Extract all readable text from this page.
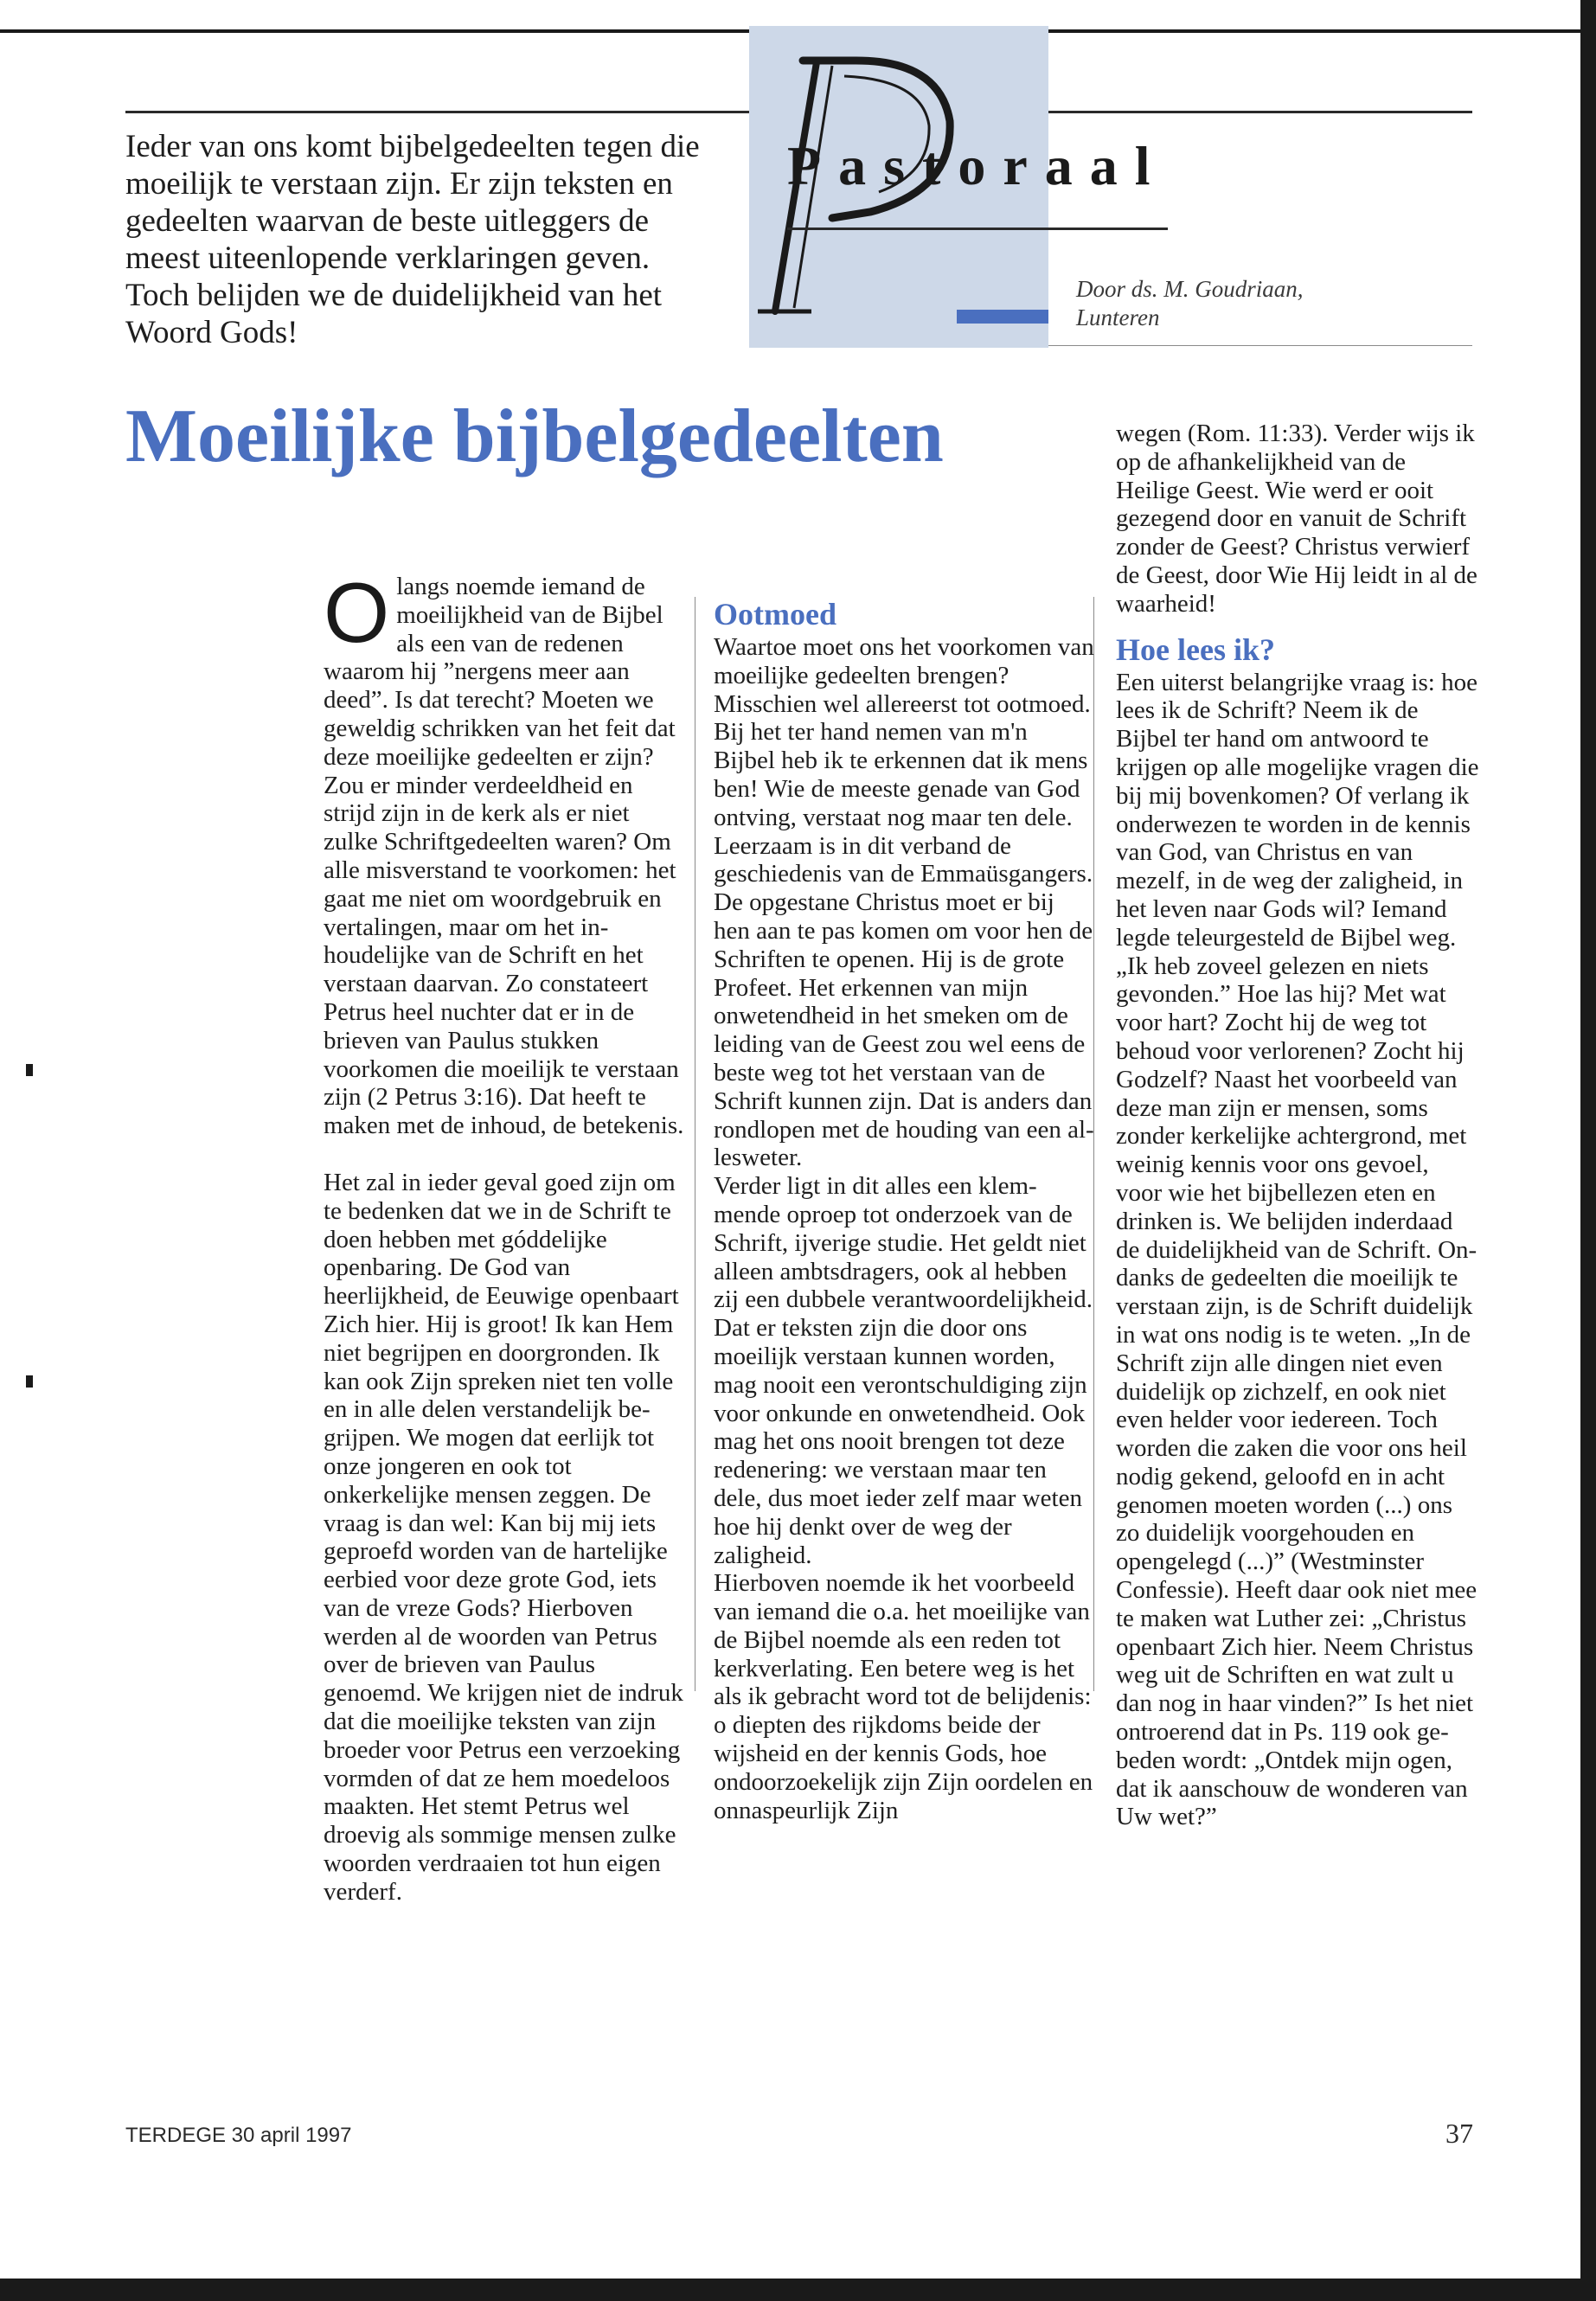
Ieder van ons komt bijbelgedeelten tegen die moeilijk te verstaan zijn. Er zijn teksten en gedeelten waarvan de beste uitleggers de meest uiteenlopende verklaringen geven. Toch belijden we de duidelijkheid van het Woord Gods!

Pastoraal

Door ds. M. Goudriaan,
Lunteren

Moeilijke bijbelgedeelten

Olangs noemde iemand de moeilijkheid van de Bijbel als een van de redenen waarom hij ”nergens meer aan deed”. Is dat terecht? Moeten we geweldig schrikken van het feit dat deze moeilijke gedeelten er zijn? Zou er minder verdeeldheid en strijd zijn in de kerk als er niet zulke Schriftgedeelten waren? Om alle misverstand te voorkomen: het gaat me niet om woordgebruik en vertalingen, maar om het inhoudelijke van de Schrift en het verstaan daarvan. Zo constateert Petrus heel nuchter dat er in de brieven van Paulus stukken voorkomen die moeilijk te verstaan zijn (2 Petrus 3:16). Dat heeft te maken met de inhoud, de betekenis.

Het zal in ieder geval goed zijn om te bedenken dat we in de Schrift te doen hebben met góddelijke openbaring. De God van heerlijkheid, de Eeuwige openbaart Zich hier. Hij is groot! Ik kan Hem niet begrijpen en doorgronden. Ik kan ook Zijn spreken niet ten volle en in alle delen verstandelijk begrijpen. We mogen dat eerlijk tot onze jongeren en ook tot onkerkelijke mensen zeggen. De vraag is dan wel: Kan bij mij iets geproefd worden van de hartelijke eerbied voor deze grote God, iets van de vreze Gods? Hierboven werden al de woorden van Petrus over de brieven van Paulus genoemd. We krijgen niet de indruk dat die moeilijke teksten van zijn broeder voor Petrus een verzoeking vormden of dat ze hem moedeloos maakten. Het stemt Petrus wel droevig als sommige mensen zulke woorden verdraaien tot hun eigen verderf.

Ootmoed

Waartoe moet ons het voorkomen van moeilijke gedeelten brengen? Misschien wel allereerst tot ootmoed. Bij het ter hand nemen van m'n Bijbel heb ik te erkennen dat ik mens ben! Wie de meeste genade van God ontving, verstaat nog maar ten dele.

Leerzaam is in dit verband de geschiedenis van de Emmaüsgangers. De opgestane Christus moet er bij hen aan te pas komen om voor hen de Schriften te openen. Hij is de grote Profeet. Het erkennen van mijn onwetendheid in het smeken om de leiding van de Geest zou wel eens de beste weg tot het verstaan van de Schrift kunnen zijn. Dat is anders dan rondlopen met de houding van een allesweter.

Verder ligt in dit alles een klemmende oproep tot onderzoek van de Schrift, ijverige studie. Het geldt niet alleen ambtsdragers, ook al hebben zij een dubbele verantwoordelijkheid. Dat er teksten zijn die door ons moeilijk verstaan kunnen worden, mag nooit een verontschuldiging zijn voor onkunde en onwetendheid. Ook mag het ons nooit brengen tot deze redenering: we verstaan maar ten dele, dus moet ieder zelf maar weten hoe hij denkt over de weg der zaligheid.

Hierboven noemde ik het voorbeeld van iemand die o.a. het moeilijke van de Bijbel noemde als een reden tot kerkverlating. Een betere weg is het als ik gebracht word tot de belijdenis: o diepten des rijkdoms beide der wijsheid en der kennis Gods, hoe ondoorzoekelijk zijn Zijn oordelen en onnaspeurlijk Zijn

wegen (Rom. 11:33). Verder wijs ik op de afhankelijkheid van de Heilige Geest. Wie werd er ooit gezegend door en vanuit de Schrift zonder de Geest? Christus verwierf de Geest, door Wie Hij leidt in al de waarheid!

Hoe lees ik?

Een uiterst belangrijke vraag is: hoe lees ik de Schrift? Neem ik de Bijbel ter hand om antwoord te krijgen op alle mogelijke vragen die bij mij bovenkomen? Of verlang ik onderwezen te worden in de kennis van God, van Christus en van mezelf, in de weg der zaligheid, in het leven naar Gods wil? Iemand legde teleurgesteld de Bijbel weg. „Ik heb zoveel gelezen en niets gevonden.” Hoe las hij? Met wat voor hart? Zocht hij de weg tot behoud voor verlorenen? Zocht hij Godzelf? Naast het voorbeeld van deze man zijn er mensen, soms zonder kerkelijke achtergrond, met weinig kennis voor ons gevoel, voor wie het bijbellezen eten en drinken is. We belijden inderdaad de duidelijkheid van de Schrift. Ondanks de gedeelten die moeilijk te verstaan zijn, is de Schrift duidelijk in wat ons nodig is te weten. „In de Schrift zijn alle dingen niet even duidelijk op zichzelf, en ook niet even helder voor iedereen. Toch worden die zaken die voor ons heil nodig gekend, geloofd en in acht genomen moeten worden (...) ons zo duidelijk voorgehouden en opengelegd (...)” (Westminster Confessie). Heeft daar ook niet mee te maken wat Luther zei: „Christus openbaart Zich hier. Neem Christus weg uit de Schriften en wat zult u dan nog in haar vinden?” Is het niet ontroerend dat in Ps. 119 ook gebeden wordt: „Ontdek mijn ogen, dat ik aanschouw de wonderen van Uw wet?”

TERDEGE 30 april 1997	37
